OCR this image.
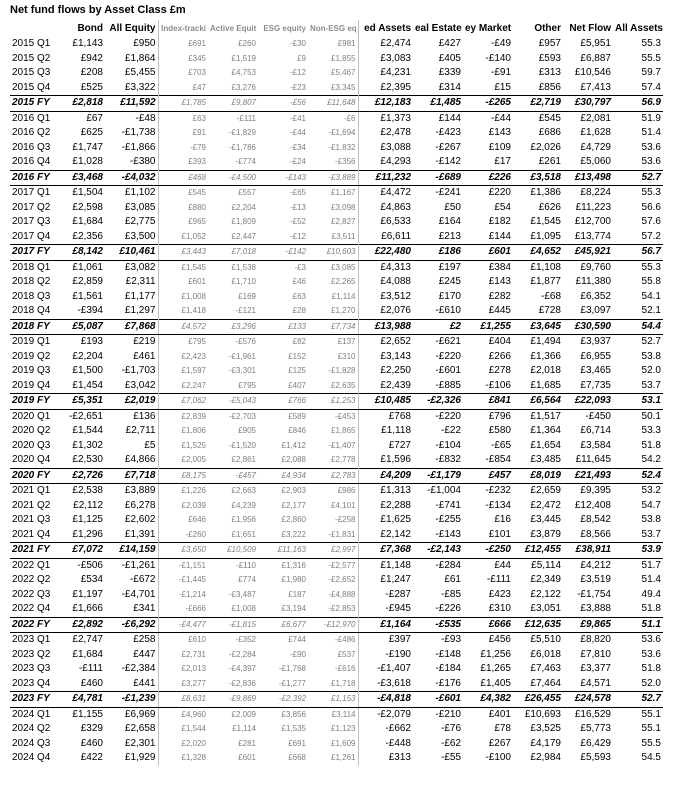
Net fund flows by Asset Class £m
	Bond	All Equity	Index-tracki	Active Equit	ESG equity	Non-ESG eq	ed Assets	eal Estate	ey Market	Other	Net Flow	All Assets
2015 Q1	£1,143	£950	£691	£260	-£30	£981	£2,474	£427	-£49	£957	£5,951	55.3
2015 Q2	£942	£1,864	£345	£1,519	£9	£1,855	£3,083	£405	-£140	£593	£6,887	55.5
2015 Q3	£208	£5,455	£703	£4,753	-£12	£5,467	£4,231	£339	-£91	£313	£10,546	59.7
2015 Q4	£525	£3,322	£47	£3,276	-£23	£3,345	£2,395	£314	£15	£856	£7,413	57.4
2015 FY	£2,818	£11,592	£1,785	£9,807	-£56	£11,648	£12,183	£1,485	-£265	£2,719	£30,797	56.9
2016 Q1	£67	-£48	£63	-£111	-£41	-£6	£1,373	£144	-£44	£545	£2,081	51.9
2016 Q2	£625	-£1,738	£91	-£1,829	-£44	-£1,694	£2,478	-£423	£143	£686	£1,628	51.4
2016 Q3	£1,747	-£1,866	-£79	-£1,786	-£34	-£1,832	£3,088	-£267	£109	£2,026	£4,729	53.6
2016 Q4	£1,028	-£380	£393	-£774	-£24	-£356	£4,293	-£142	£17	£261	£5,060	53.6
2016 FY	£3,468	-£4,032	£468	-£4,500	-£143	-£3,889	£11,232	-£689	£226	£3,518	£13,498	52.7
2017 Q1	£1,504	£1,102	£545	£557	-£65	£1,167	£4,472	-£241	£220	£1,386	£8,224	55.3
2017 Q2	£2,598	£3,085	£880	£2,204	-£13	£3,098	£4,863	£50	£54	£626	£11,223	56.6
2017 Q3	£1,684	£2,775	£965	£1,809	-£52	£2,827	£6,533	£164	£182	£1,545	£12,700	57.6
2017 Q4	£2,356	£3,500	£1,052	£2,447	-£12	£3,511	£6,611	£213	£144	£1,095	£13,774	57.2
2017 FY	£8,142	£10,461	£3,443	£7,018	-£142	£10,603	£22,480	£186	£601	£4,652	£45,921	56.7
2018 Q1	£1,061	£3,082	£1,545	£1,538	-£3	£3,085	£4,313	£197	£384	£1,108	£9,760	55.3
2018 Q2	£2,859	£2,311	£601	£1,710	£46	£2,265	£4,088	£245	£143	£1,877	£11,380	55.8
2018 Q3	£1,561	£1,177	£1,008	£169	£63	£1,114	£3,512	£170	£282	-£68	£6,352	54.1
2018 Q4	-£394	£1,297	£1,418	-£121	£28	£1,270	£2,076	-£610	£445	£728	£3,097	52.1
2018 FY	£5,087	£7,868	£4,572	£3,296	£133	£7,734	£13,988	£2	£1,255	£3,645	£30,590	54.4
2019 Q1	£193	£219	£795	-£576	£82	£137	£2,652	-£621	£404	£1,494	£3,937	52.7
2019 Q2	£2,204	£461	£2,423	-£1,961	£152	£310	£3,143	-£220	£266	£1,366	£6,955	53.8
2019 Q3	£1,500	-£1,703	£1,597	-£3,301	£125	-£1,828	£2,250	-£601	£278	£2,018	£3,465	52.0
2019 Q4	£1,454	£3,042	£2,247	£795	£407	£2,635	£2,439	-£885	-£106	£1,685	£7,735	53.7
2019 FY	£5,351	£2,019	£7,062	-£5,043	£766	£1,253	£10,485	-£2,326	£841	£6,564	£22,093	53.1
2020 Q1	-£2,651	£136	£2,839	-£2,703	£589	-£453	£768	-£220	£796	£1,517	-£450	50.1
2020 Q2	£1,544	£2,711	£1,806	£905	£846	£1,865	£1,118	-£22	£580	£1,364	£6,714	53.3
2020 Q3	£1,302	£5	£1,525	-£1,520	£1,412	-£1,407	£727	-£104	-£65	£1,654	£3,584	51.8
2020 Q4	£2,530	£4,866	£2,005	£2,861	£2,088	£2,778	£1,596	-£832	-£854	£3,485	£11,645	54.2
2020 FY	£2,726	£7,718	£8,175	-£457	£4,934	£2,783	£4,209	-£1,179	£457	£8,019	£21,493	52.4
2021 Q1	£2,538	£3,889	£1,226	£2,663	£2,903	£986	£1,313	-£1,004	-£232	£2,659	£9,395	53.2
2021 Q2	£2,112	£6,278	£2,039	£4,239	£2,177	£4,101	£2,288	-£741	-£134	£2,472	£12,408	54.7
2021 Q3	£1,125	£2,602	£646	£1,956	£2,860	-£258	£1,625	-£255	£16	£3,445	£8,542	53.8
2021 Q4	£1,296	£1,391	-£260	£1,651	£3,222	-£1,831	£2,142	-£143	£101	£3,879	£8,566	53.7
2021 FY	£7,072	£14,159	£3,650	£10,509	£11,163	£2,997	£7,368	-£2,143	-£250	£12,455	£38,911	53.9
2022 Q1	-£506	-£1,261	-£1,151	-£110	£1,316	-£2,577	£1,148	-£284	£44	£5,114	£4,212	51.7
2022 Q2	£534	-£672	-£1,445	£774	£1,980	-£2,652	£1,247	£61	-£111	£2,349	£3,519	51.4
2022 Q3	£1,197	-£4,701	-£1,214	-£3,487	£187	-£4,888	-£287	-£85	£423	£2,122	-£1,754	49.4
2022 Q4	£1,666	£341	-£666	£1,008	£3,194	-£2,853	-£945	-£226	£310	£3,051	£3,888	51.8
2022 FY	£2,892	-£6,292	-£4,477	-£1,815	£6,677	-£12,970	£1,164	-£535	£666	£12,635	£9,865	51.1
2023 Q1	£2,747	£258	£610	-£352	£744	-£486	£397	-£93	£456	£5,510	£8,820	53.6
2023 Q2	£1,684	£447	£2,731	-£2,284	-£90	£537	-£190	-£148	£1,256	£6,018	£7,810	53.6
2023 Q3	-£111	-£2,384	£2,013	-£4,397	-£1,768	-£616	-£1,407	-£184	£1,265	£7,463	£3,377	51.8
2023 Q4	£460	£441	£3,277	-£2,836	-£1,277	£1,718	-£3,618	-£176	£1,405	£7,464	£4,571	52.0
2023 FY	£4,781	-£1,239	£8,631	-£9,869	-£2,392	£1,153	-£4,818	-£601	£4,382	£26,455	£24,578	52.7
2024 Q1	£1,155	£6,969	£4,960	£2,009	£3,856	£3,114	-£2,079	-£210	£401	£10,693	£16,529	55.1
2024 Q2	£329	£2,658	£1,544	£1,114	£1,535	£1,123	-£662	-£76	£78	£3,525	£5,773	55.1
2024 Q3	£460	£2,301	£2,020	£281	£691	£1,609	-£448	-£62	£267	£4,179	£6,429	55.5
2024 Q4	£422	£1,929	£1,328	£601	£668	£1,261	£313	-£55	-£100	£2,984	£5,593	54.5
